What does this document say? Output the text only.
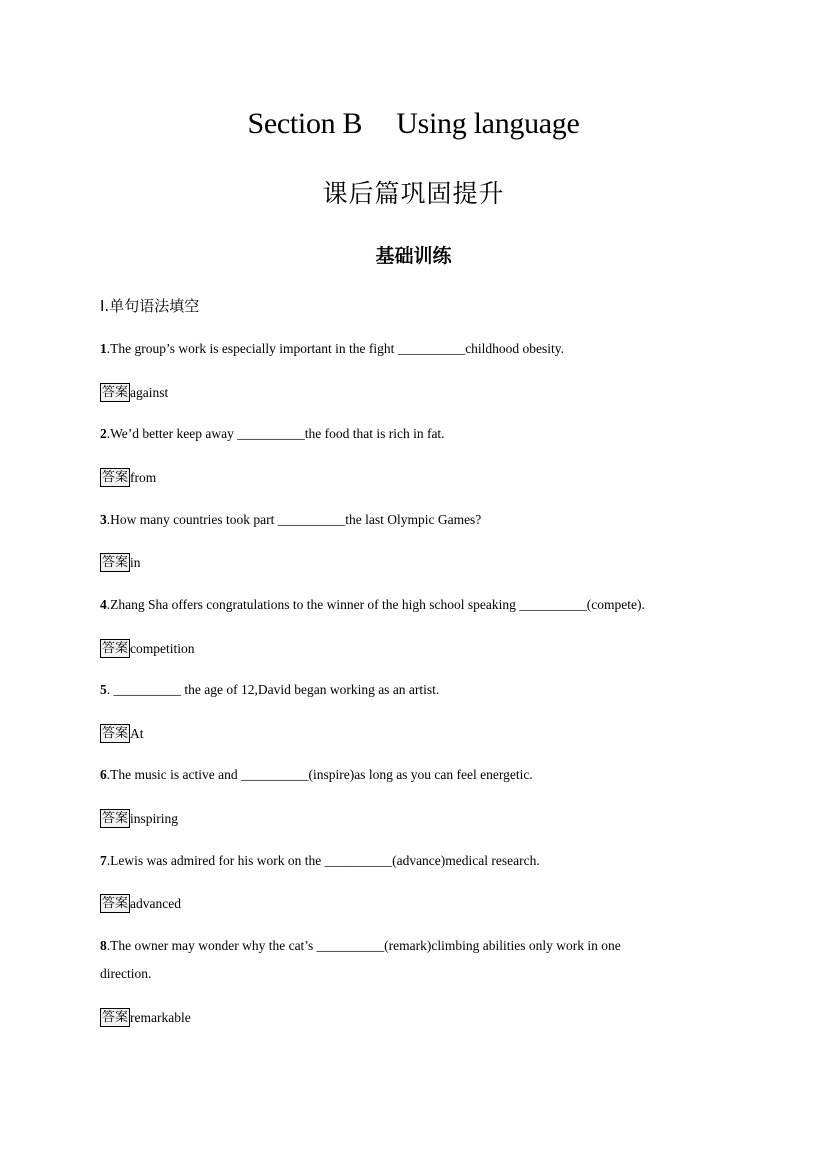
Section B Using language
课后篇巩固提升
基础训练
Ⅰ.单句语法填空
1.The group’s work is especially important in the fight __________childhood obesity.
答案 against
2.We’d better keep away __________the food that is rich in fat.
答案 from
3.How many countries took part __________the last Olympic Games?
答案 in
4.Zhang Sha offers congratulations to the winner of the high school speaking __________(compete).
答案 competition
5. __________ the age of 12,David began working as an artist.
答案 At
6.The music is active and __________(inspire)as long as you can feel energetic.
答案 inspiring
7.Lewis was admired for his work on the __________(advance)medical research.
答案 advanced
8.The owner may wonder why the cat’s __________(remark)climbing abilities only work in one
direction.
答案 remarkable
